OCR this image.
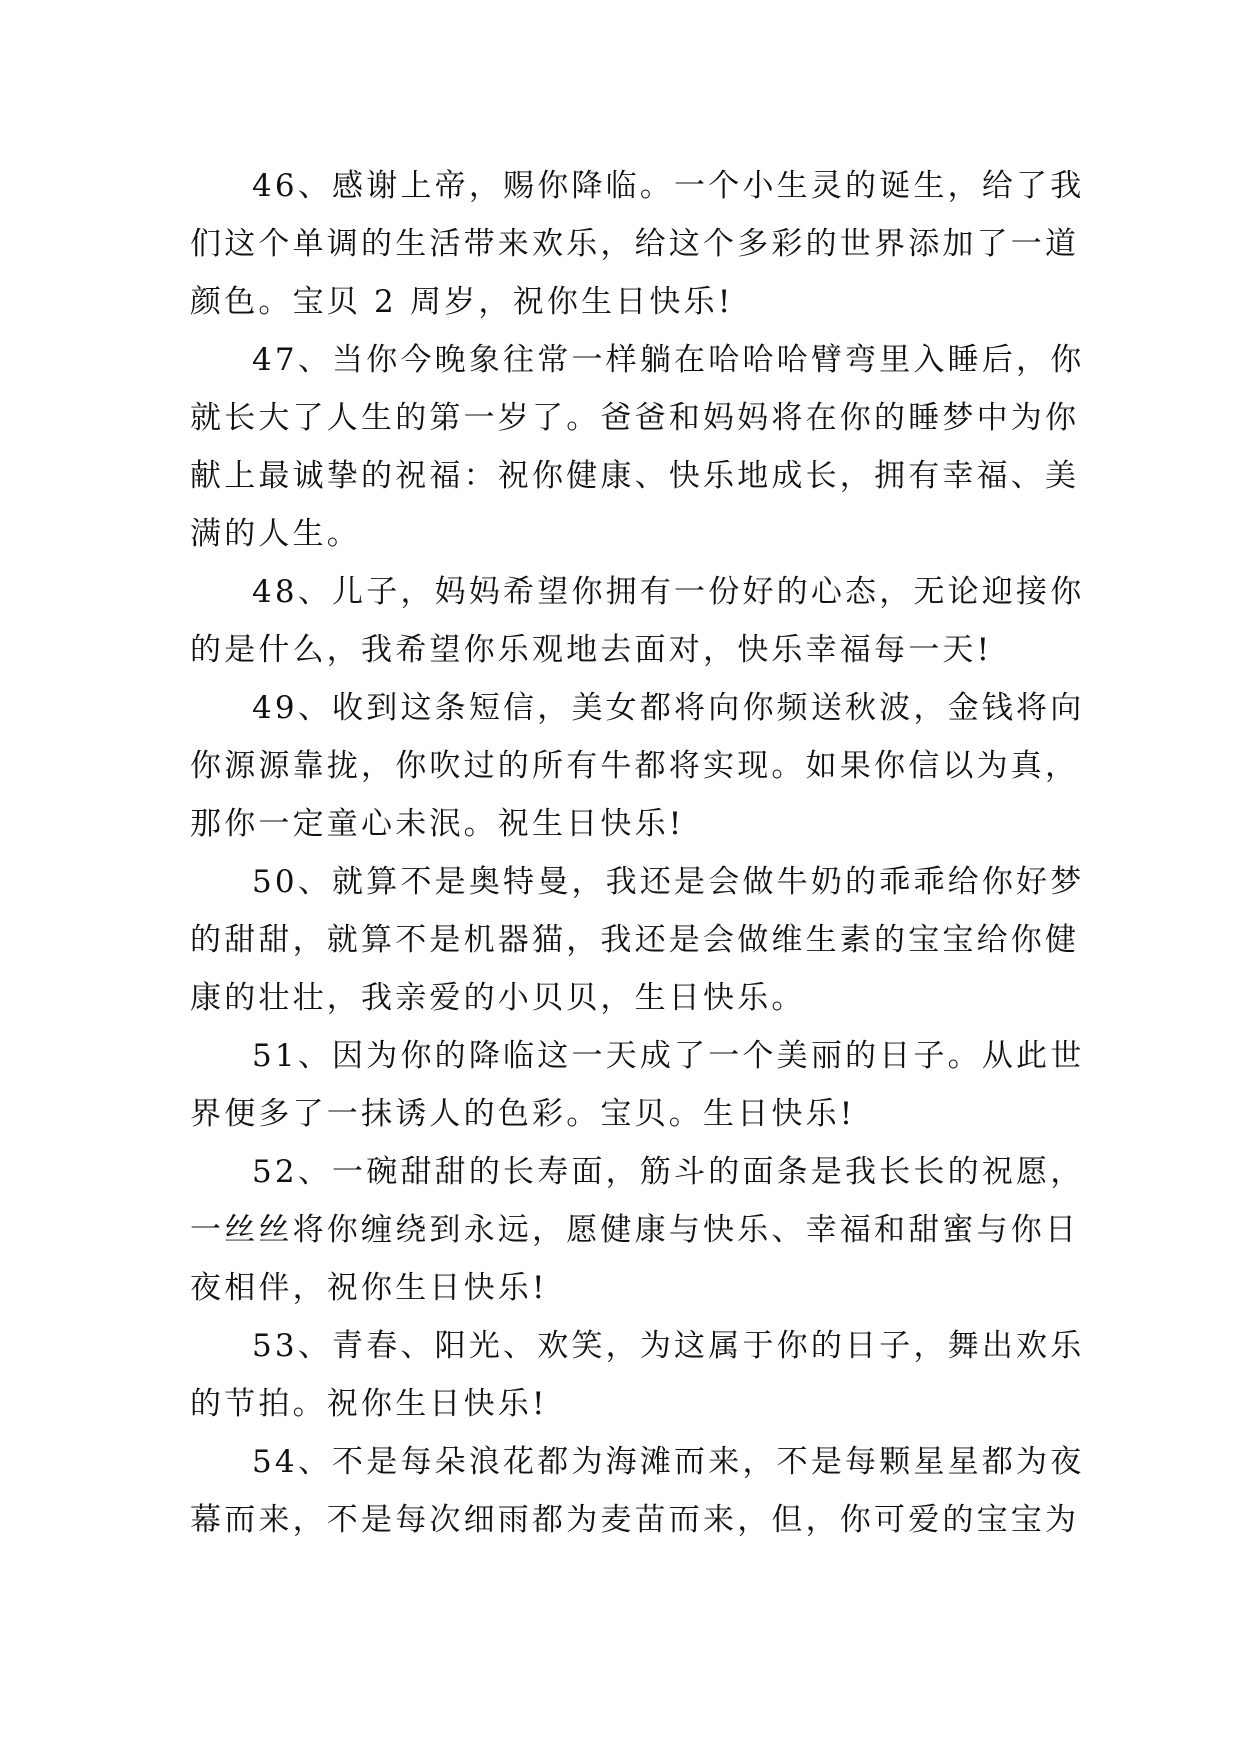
46、感谢上帝，赐你降临。一个小生灵的诞生，给了我
们这个单调的生活带来欢乐，给这个多彩的世界添加了一道
颜色。宝贝 2 周岁，祝你生日快乐!
47、当你今晚象往常一样躺在哈哈哈臂弯里入睡后，你
就长大了人生的第一岁了。爸爸和妈妈将在你的睡梦中为你
献上最诚挚的祝福：祝你健康、快乐地成长，拥有幸福、美
满的人生。
48、儿子，妈妈希望你拥有一份好的心态，无论迎接你
的是什么，我希望你乐观地去面对，快乐幸福每一天!
49、收到这条短信，美女都将向你频送秋波，金钱将向
你源源靠拢，你吹过的所有牛都将实现。如果你信以为真，
那你一定童心未泯。祝生日快乐!
50、就算不是奥特曼，我还是会做牛奶的乖乖给你好梦
的甜甜，就算不是机器猫，我还是会做维生素的宝宝给你健
康的壮壮，我亲爱的小贝贝，生日快乐。
51、因为你的降临这一天成了一个美丽的日子。从此世
界便多了一抹诱人的色彩。宝贝。生日快乐!
52、一碗甜甜的长寿面，筋斗的面条是我长长的祝愿，
一丝丝将你缠绕到永远，愿健康与快乐、幸福和甜蜜与你日
夜相伴，祝你生日快乐!
53、青春、阳光、欢笑，为这属于你的日子，舞出欢乐
的节拍。祝你生日快乐!
54、不是每朵浪花都为海滩而来，不是每颗星星都为夜
幕而来，不是每次细雨都为麦苗而来，但，你可爱的宝宝为
